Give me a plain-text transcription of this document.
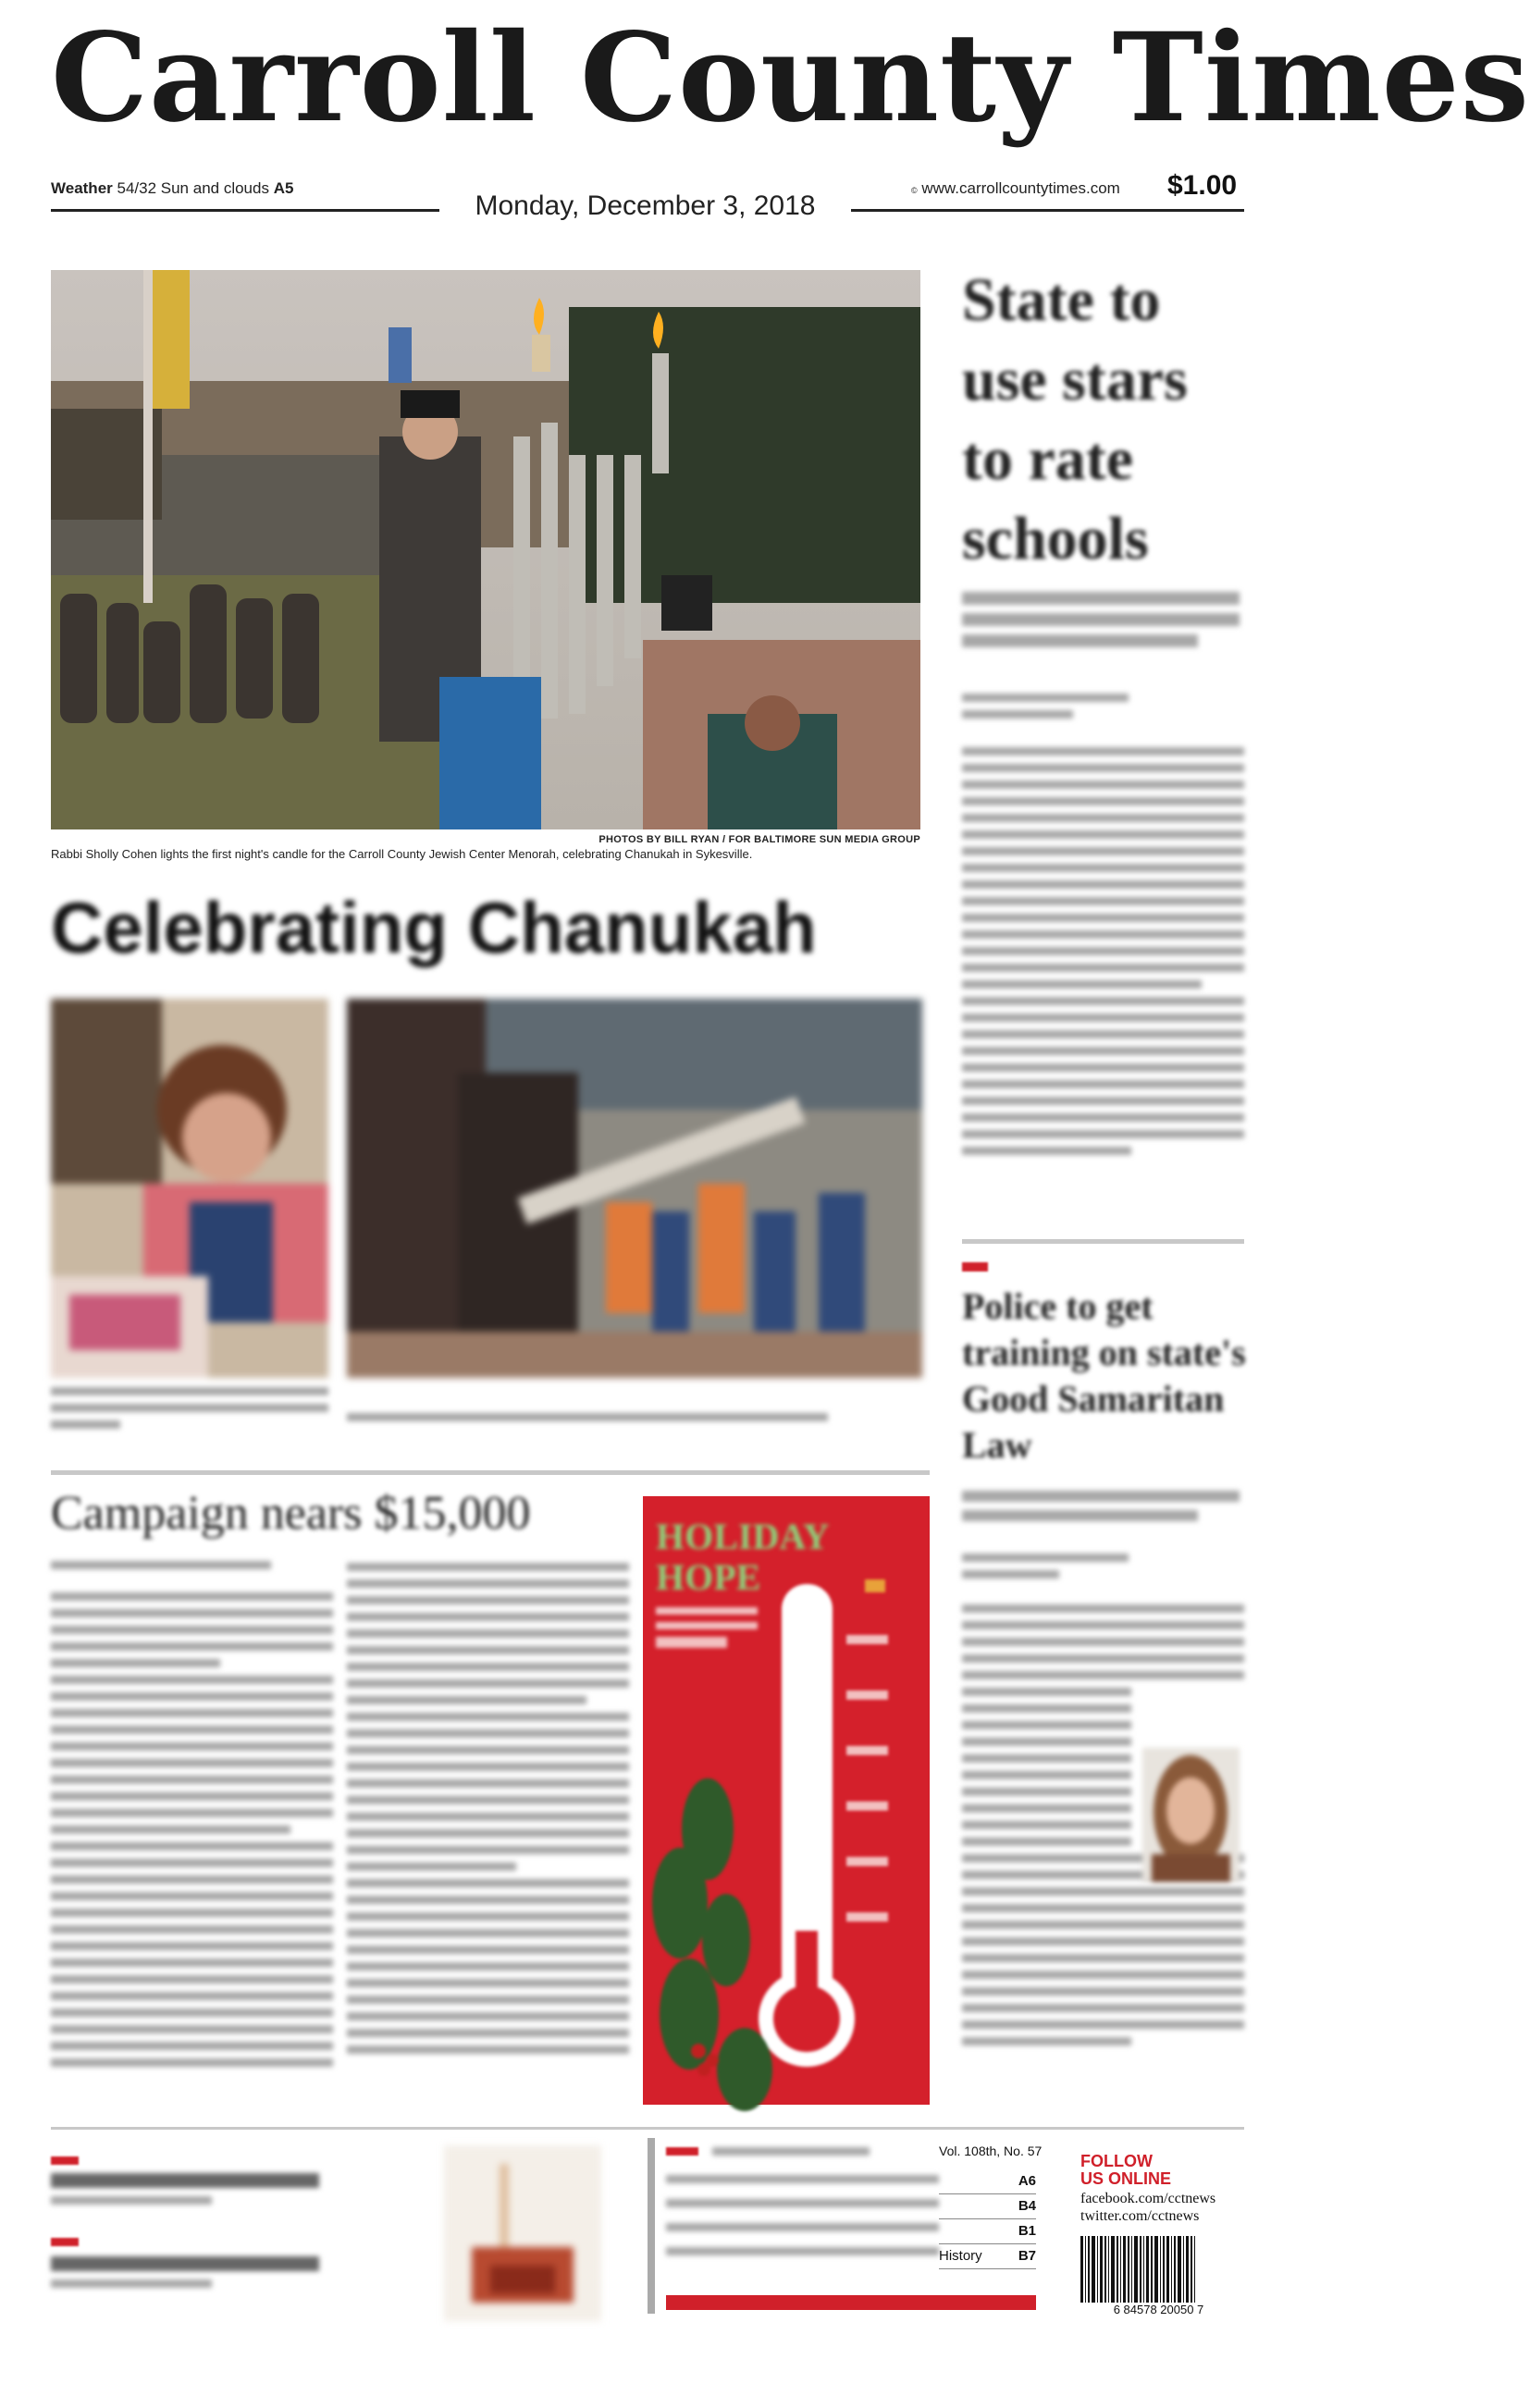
Carroll County Times
Weather 54/32 Sun and clouds A5
Monday, December 3, 2018	© www.carrollcountytimes.com $1.00
PHOTOS BY BILL RYAN / FOR BALTIMORE SUN MEDIA GROUP
Rabbi Sholly Cohen lights the first night's candle for the Carroll County Jewish Center Menorah, celebrating Chanukah in Sykesville.
Celebrating Chanukah
State to use stars to rate schools
Police to get training on state's Good Samaritan Law
Campaign nears $15,000	HOLIDAY
HOPE
Vol. 108th, No. 57
A6
B4
B1
History	B7
FOLLOW
US ONLINE
facebook.com/cctnews
twitter.com/cctnews
6 84578 20050 7
